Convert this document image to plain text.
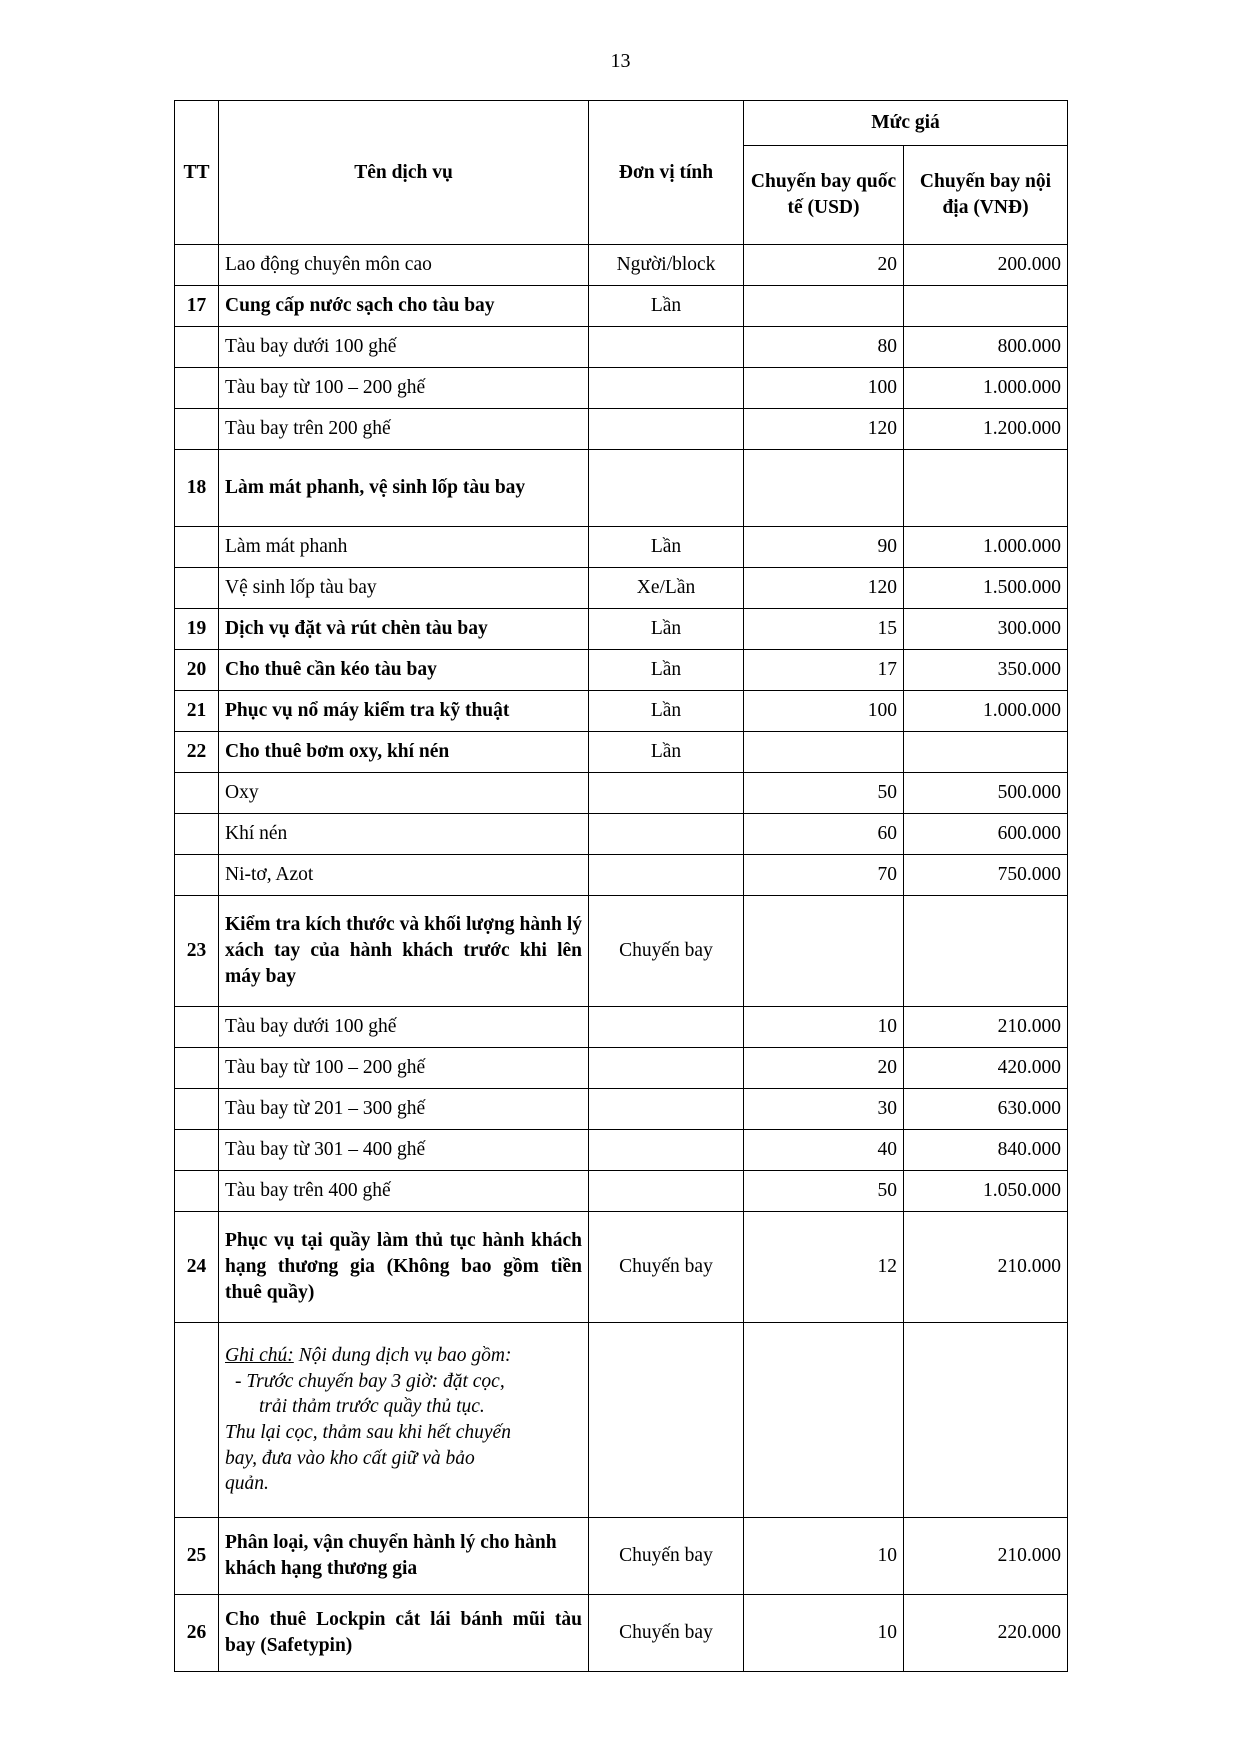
13
TT	Tên dịch vụ	Đơn vị tính	Mức giá	
			Chuyến bay quốc tế (USD)	Chuyến bay nội địa (VNĐ)
	Lao động chuyên môn cao	Người/block	20	200.000
17	Cung cấp nước sạch cho tàu bay	Lần		
	Tàu bay dưới 100 ghế		80	800.000
	Tàu bay từ 100 – 200 ghế		100	1.000.000
	Tàu bay trên 200 ghế		120	1.200.000
18	Làm mát phanh, vệ sinh lốp tàu bay			
	Làm mát phanh	Lần	90	1.000.000
	Vệ sinh lốp tàu bay	Xe/Lần	120	1.500.000
19	Dịch vụ đặt và rút chèn tàu bay	Lần	15	300.000
20	Cho thuê cần kéo tàu bay	Lần	17	350.000
21	Phục vụ nổ máy kiểm tra kỹ thuật	Lần	100	1.000.000
22	Cho thuê bơm oxy, khí nén	Lần		
	Oxy		50	500.000
	Khí nén		60	600.000
	Ni-tơ, Azot		70	750.000
23	Kiểm tra kích thước và khối lượng hành lý xách tay của hành khách trước khi lên máy bay	Chuyến bay		
	Tàu bay dưới 100 ghế		10	210.000
	Tàu bay từ 100 – 200 ghế		20	420.000
	Tàu bay từ 201 – 300 ghế		30	630.000
	Tàu bay từ 301 – 400 ghế		40	840.000
	Tàu bay trên 400 ghế		50	1.050.000
24	Phục vụ tại quầy làm thủ tục hành khách hạng thương gia (Không bao gồm tiền thuê quầy)	Chuyến bay	12	210.000

Ghi chú: Nội dung dịch vụ bao gồm:
- Trước chuyến bay 3 giờ: đặt cọc,
trải thảm trước quầy thủ tục.
Thu lại cọc, thảm sau khi hết chuyến
bay, đưa vào kho cất giữ và bảo
quản.

25	Phân loại, vận chuyển hành lý cho hành khách hạng thương gia	Chuyến bay	10	210.000
26	Cho thuê Lockpin cắt lái bánh mũi tàu bay (Safetypin)	Chuyến bay	10	220.000
